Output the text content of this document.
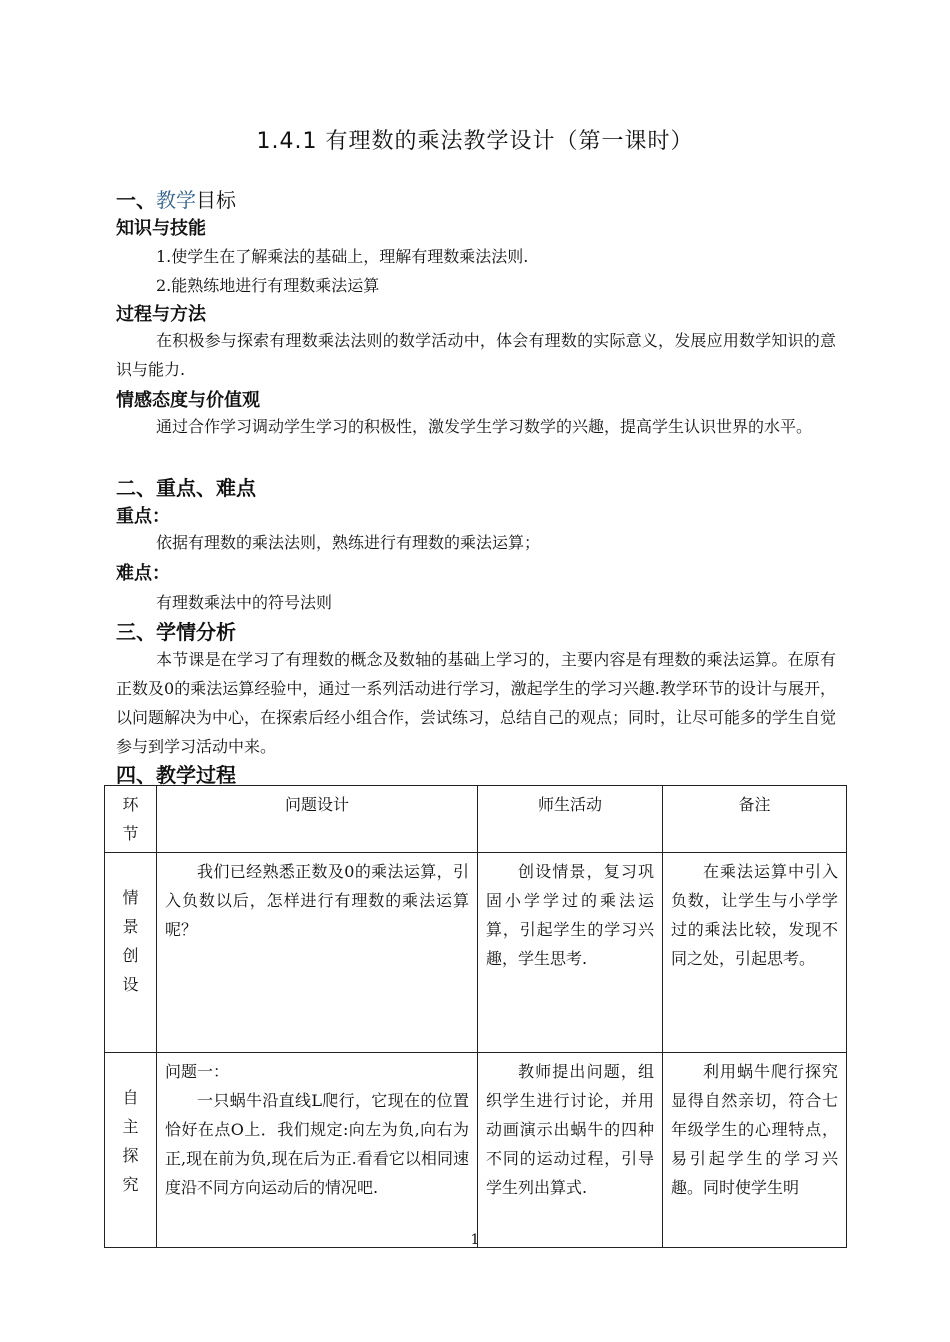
1.4.1 有理数的乘法教学设计（第一课时）
一、教学目标
知识与技能
1.使学生在了解乘法的基础上，理解有理数乘法法则.
2.能熟练地进行有理数乘法运算
过程与方法
在积极参与探索有理数乘法法则的数学活动中，体会有理数的实际意义，发展应用数学知识的意识与能力.
情感态度与价值观
通过合作学习调动学生学习的积极性，激发学生学习数学的兴趣，提高学生认识世界的水平。
二、重点、难点
重点：
依据有理数的乘法法则，熟练进行有理数的乘法运算；
难点：
有理数乘法中的符号法则
三、学情分析
本节课是在学习了有理数的概念及数轴的基础上学习的，主要内容是有理数的乘法运算。在原有正数及0的乘法运算经验中，通过一系列活动进行学习，激起学生的学习兴趣.教学环节的设计与展开，以问题解决为中心，在探索后经小组合作，尝试练习，总结自己的观点；同时，让尽可能多的学生自觉参与到学习活动中来。
四、教学过程
环节	问题设计	师生活动	备注

情景创设	我们已经熟悉正数及0的乘法运算，引入负数以后，怎样进行有理数的乘法运算呢？	创设情景，复习巩固小学学过的乘法运算，引起学生的学习兴趣，学生思考.	在乘法运算中引入负数，让学生与小学学过的乘法比较，发现不同之处，引起思考。

自主探究	问题一：
一只蜗牛沿直线L爬行，它现在的位置恰好在点O上．我们规定:向左为负,向右为正,现在前为负,现在后为正.看看它以相同速度沿不同方向运动后的情况吧.	教师提出问题，组织学生进行讨论，并用动画演示出蜗牛的四种不同的运动过程，引导学生列出算式.	利用蜗牛爬行探究显得自然亲切，符合七年级学生的心理特点，易引起学生的学习兴趣。同时使学生明
1
